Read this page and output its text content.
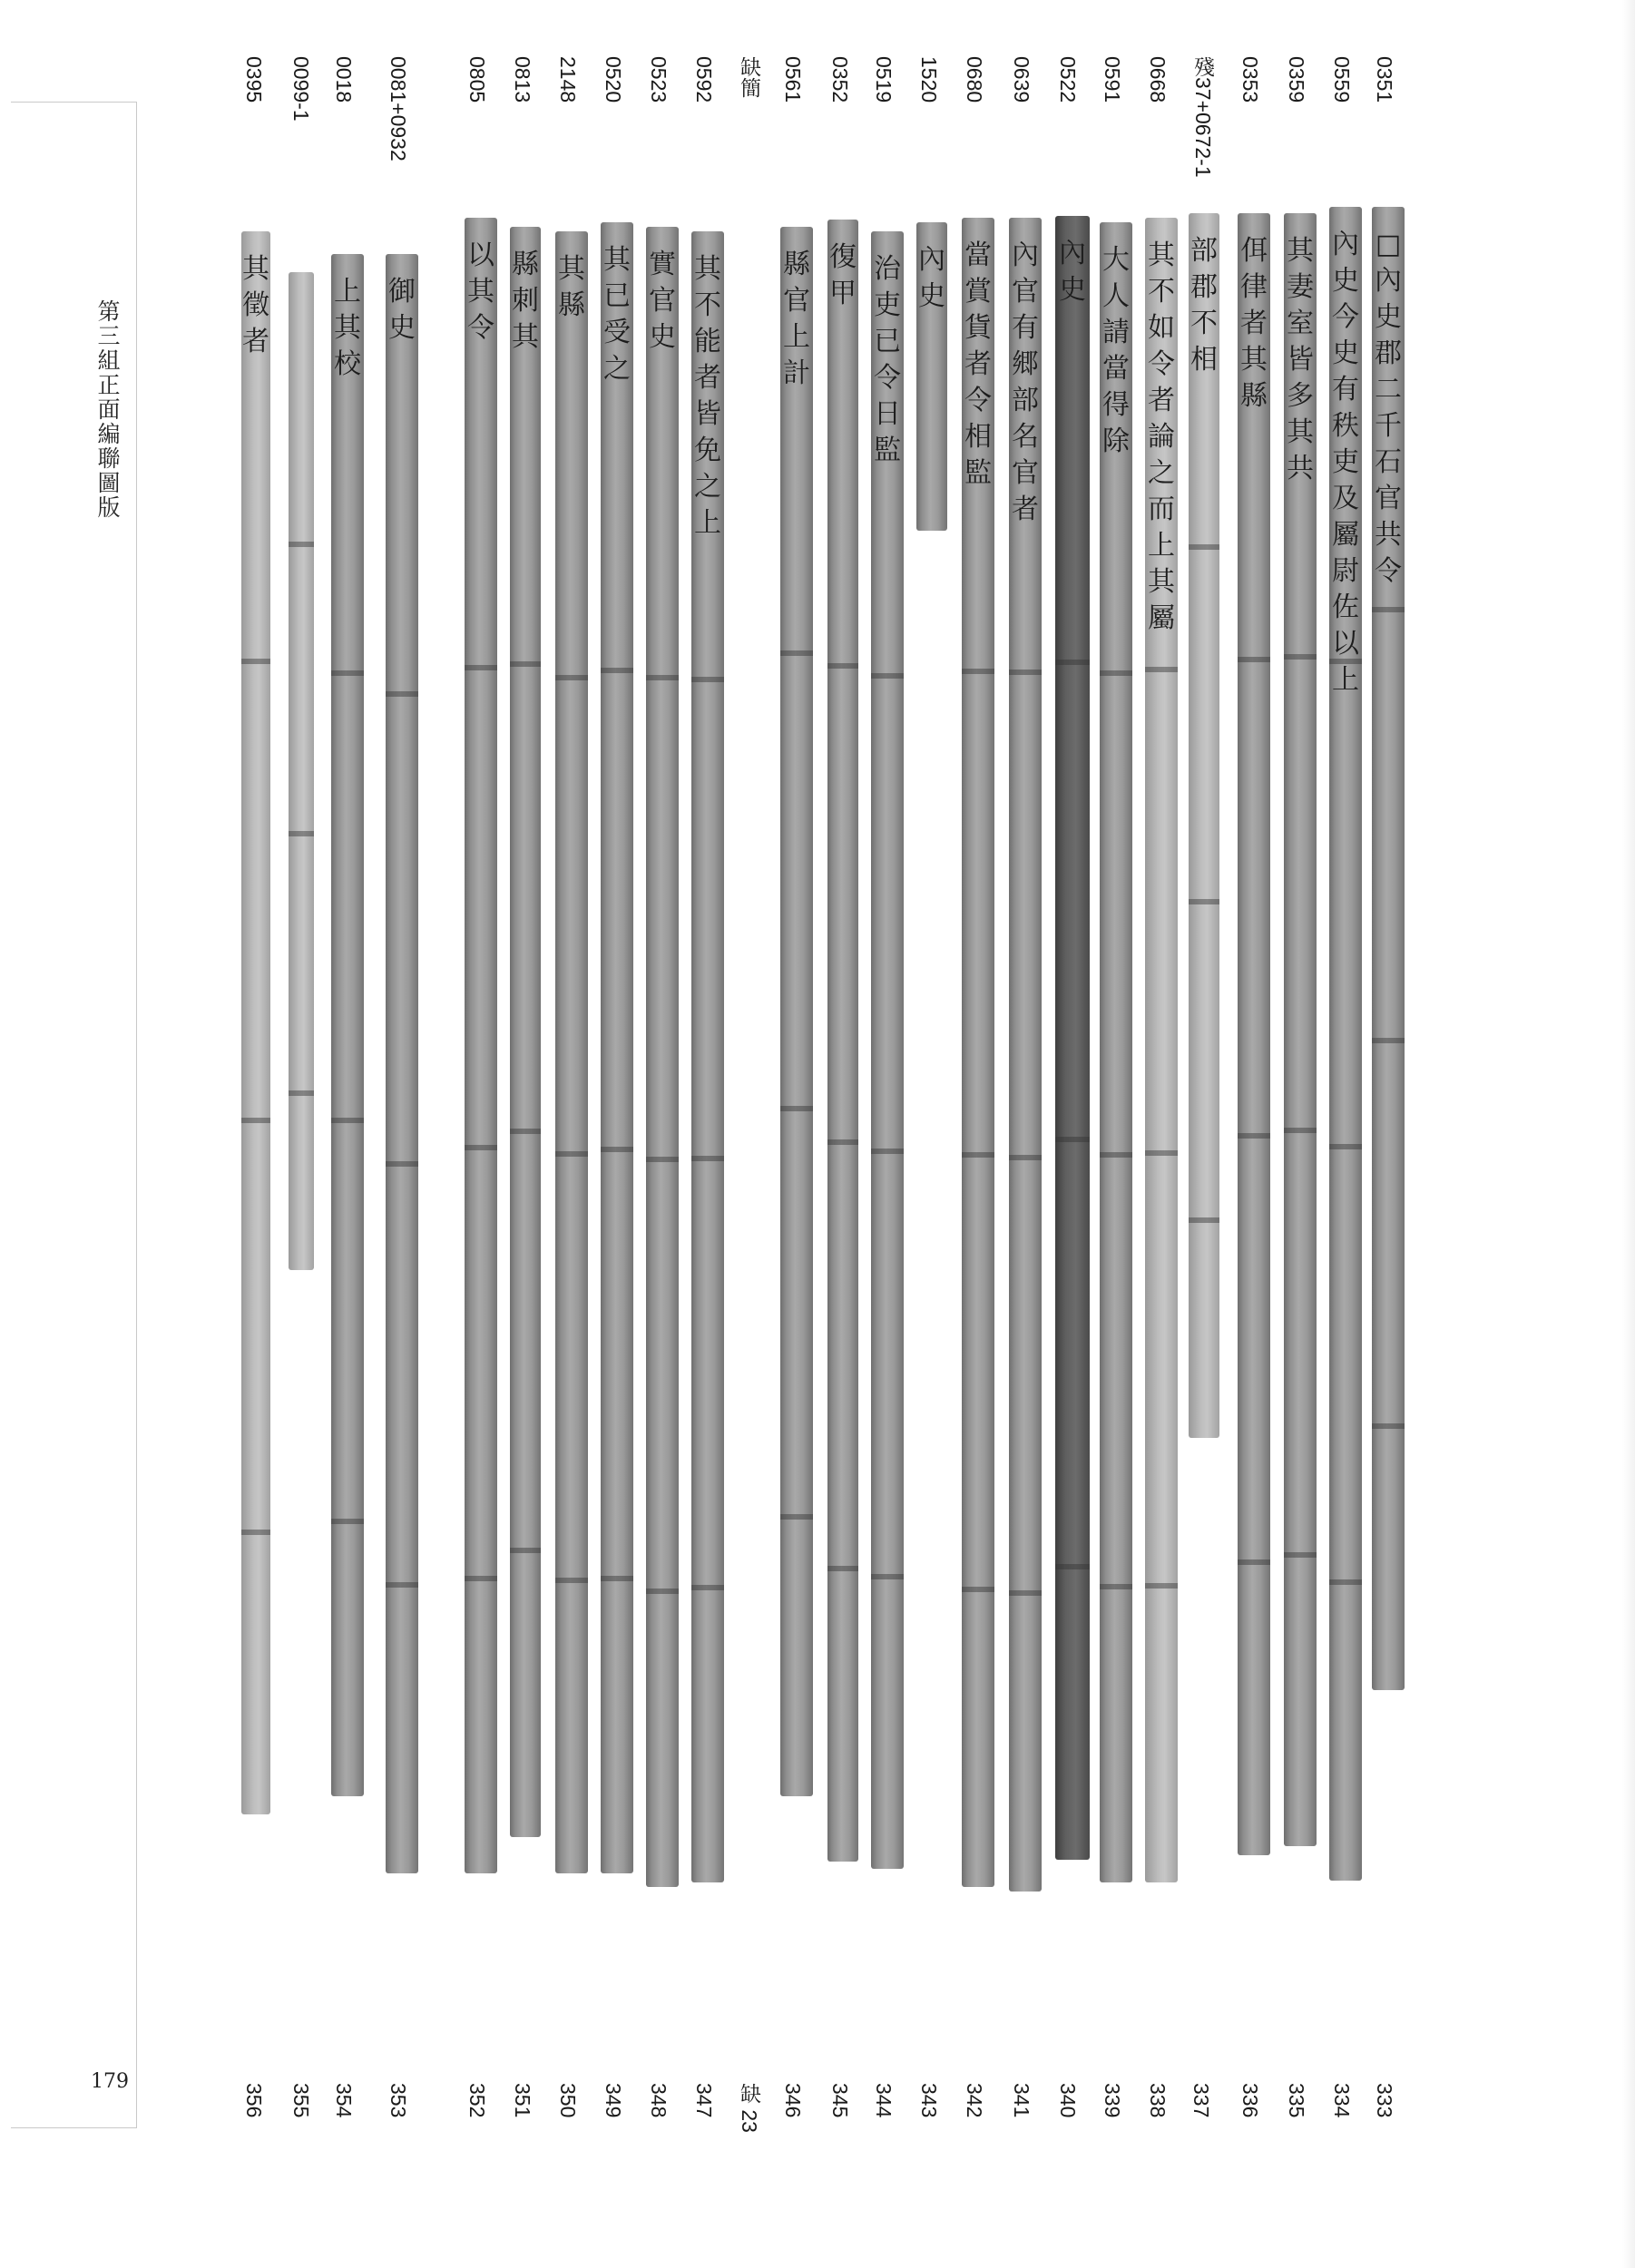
第三組正面編聯圖版
179
0351
□內史郡二千石官共令
333
0559
內史今史有秩吏及屬尉佐以上
334
0359
其妻室皆多其共
335
0353
佴律者其縣
336
殘37+0672-1
部郡不相
337
0668
其不如令者論之而上其屬
338
0591
大人請當得除
339
0522
內史
340
0639
內官有郷部名官者
341
0680
當賞貨者令相監
342
1520
內史
343
0519
治吏已令日監
344
0352
復甲
345
0561
縣官上計
346
缺簡
缺 23
0592
其不能者皆免之上
347
0523
實官史
348
0520
其已受之
349
2148
其縣
350
0813
縣刺其
351
0805
以其令
352
0081+0932
御史
353
0018
上其校
354
0099-1
355
0395
其徵者
356
